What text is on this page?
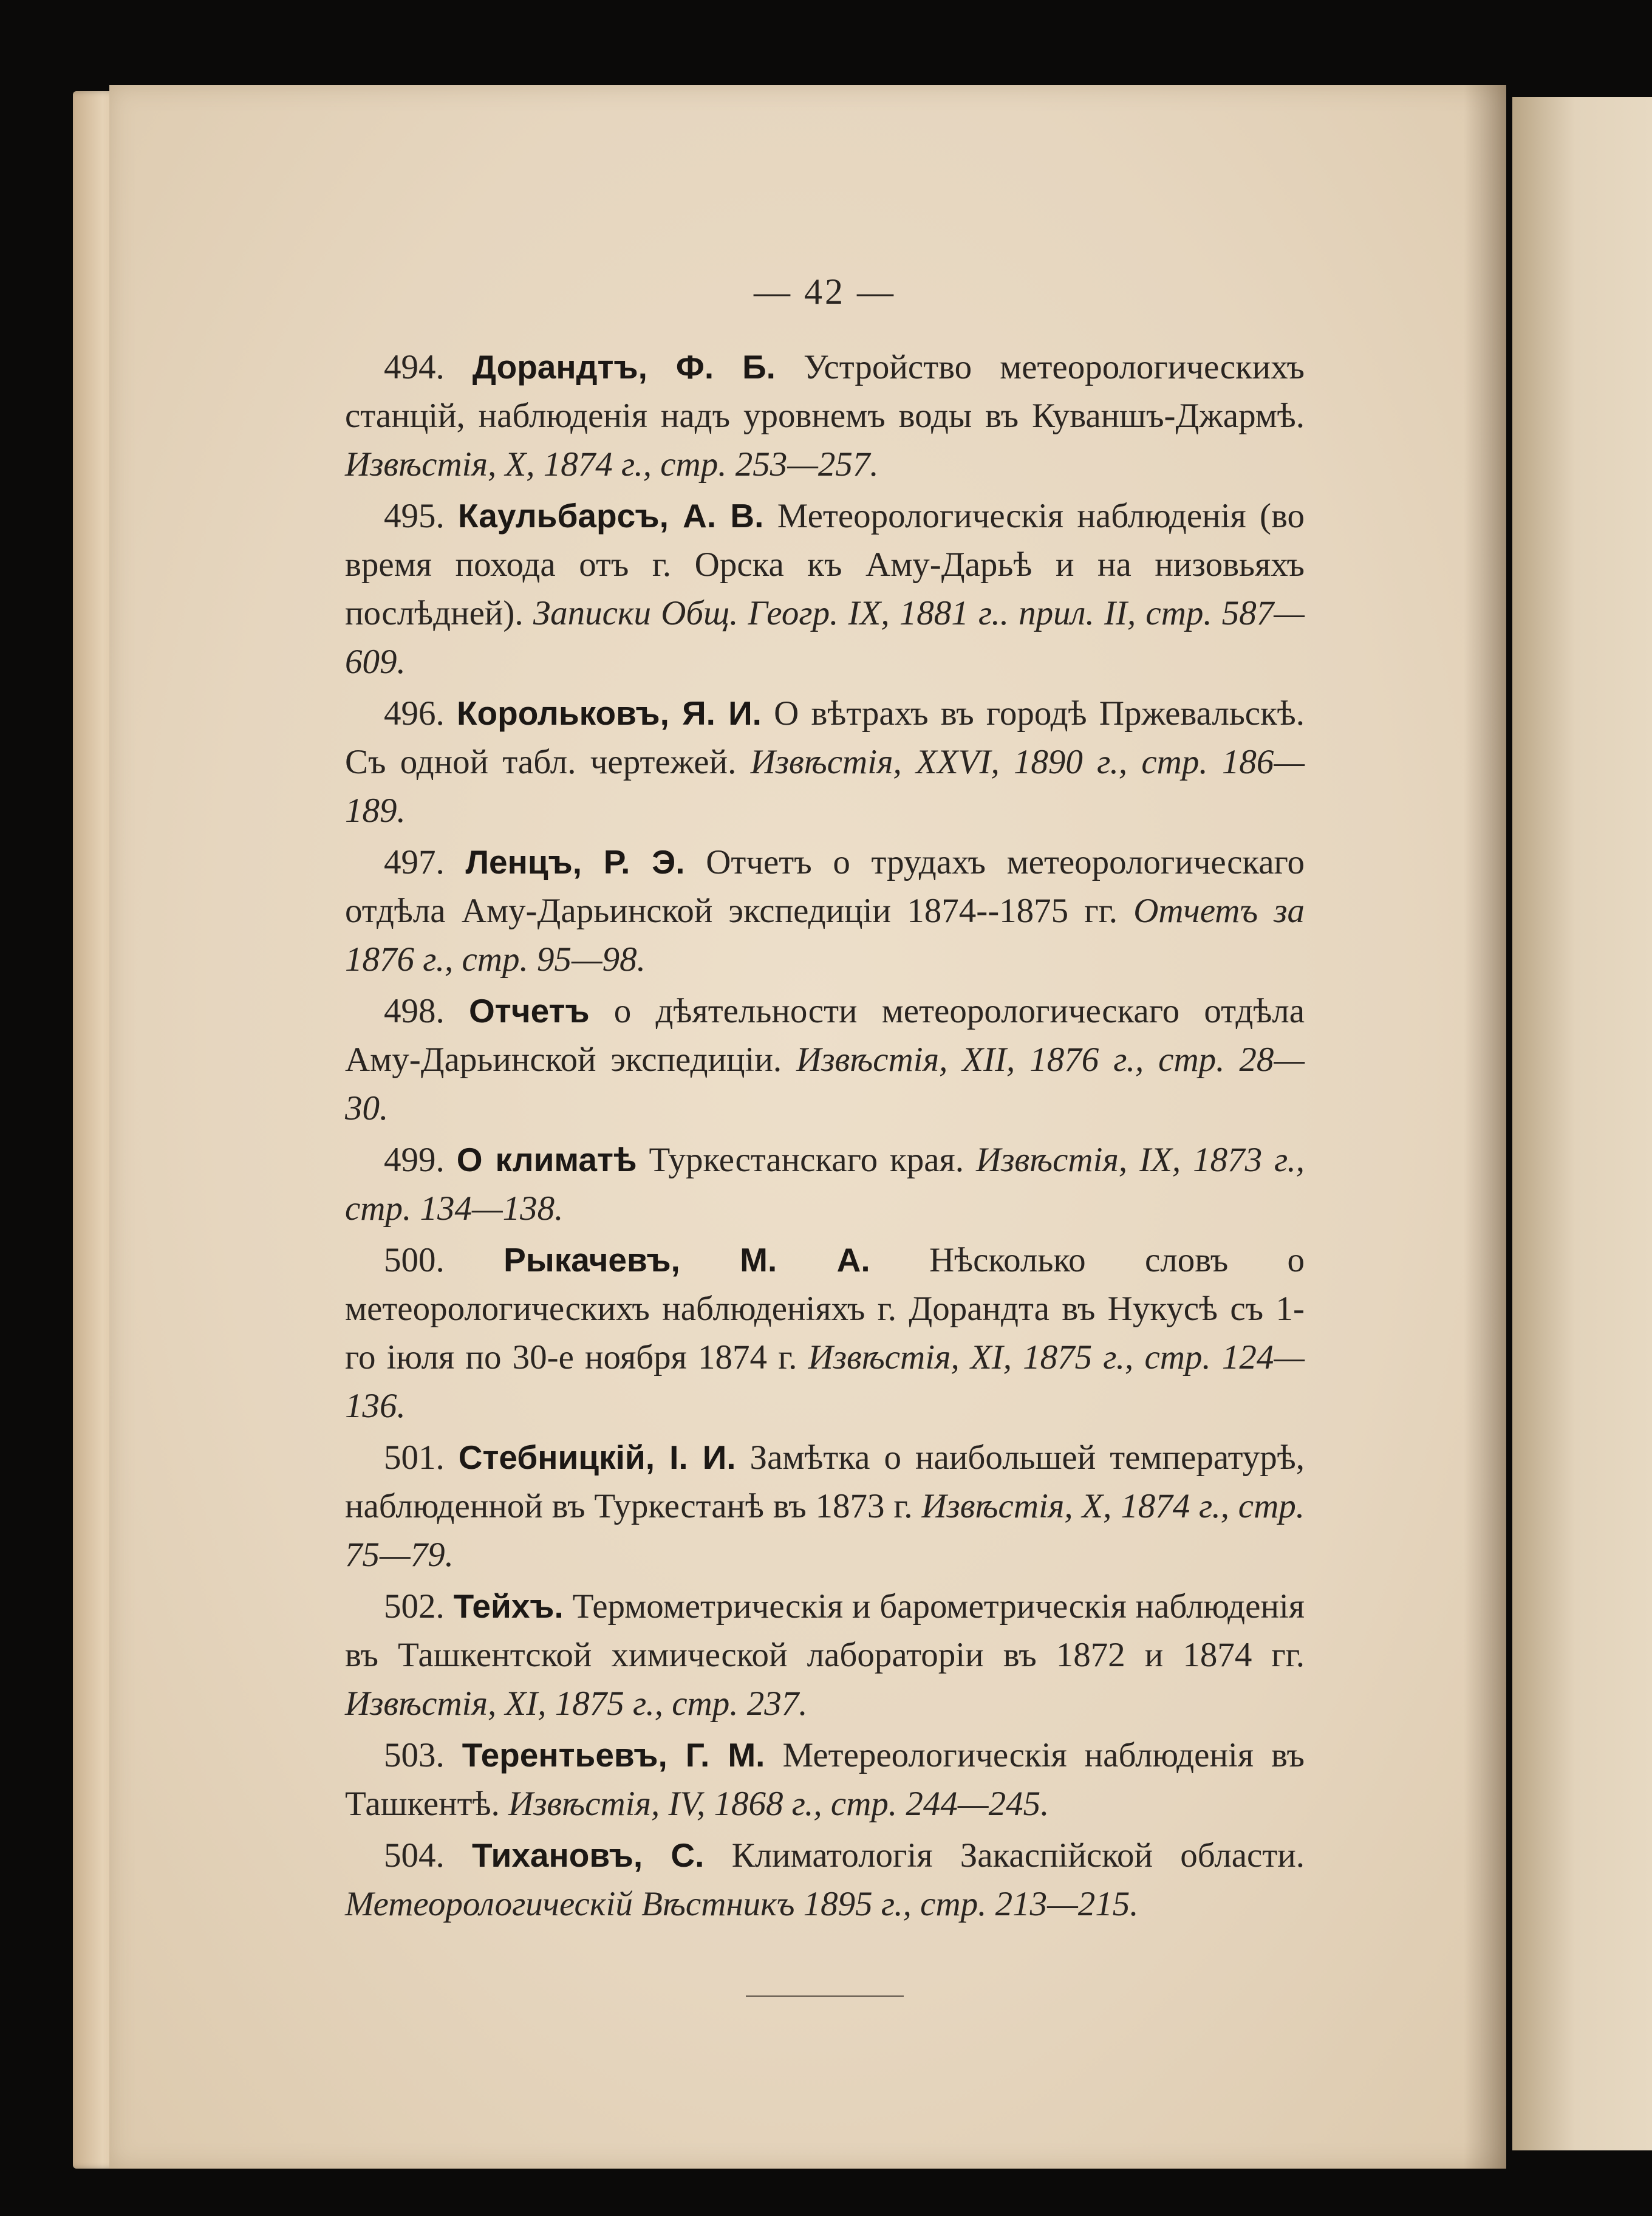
— 42 —

494. Дорандтъ, Ф. Б. Устройство метеорологическихъ станцій, наблюденія надъ уровнемъ воды въ Куваншъ-Джармѣ. Извѣстія, X, 1874 г., стр. 253—257.

495. Каульбарсъ, А. В. Метеорологическія наблюденія (во время похода отъ г. Орска къ Аму-Дарьѣ и на низовьяхъ послѣдней). Записки Общ. Геогр. IX, 1881 г.. прил. II, стр. 587—609.

496. Корольковъ, Я. И. О вѣтрахъ въ городѣ Пржевальскѣ. Съ одной табл. чертежей. Извѣстія, XXVI, 1890 г., стр. 186—189.

497. Ленцъ, Р. Э. Отчетъ о трудахъ метеорологическаго отдѣла Аму-Дарьинской экспедиціи 1874--1875 гг. Отчетъ за 1876 г., стр. 95—98.

498. Отчетъ о дѣятельности метеорологическаго отдѣла Аму-Дарьинской экспедиціи. Извѣстія, XII, 1876 г., стр. 28—30.

499. О климатѣ Туркестанскаго края. Извѣстія, IX, 1873 г., стр. 134—138.

500. Рыкачевъ, М. А. Нѣсколько словъ о метеорологическихъ наблюденіяхъ г. Дорандта въ Нукусѣ съ 1-го іюля по 30-е ноября 1874 г. Извѣстія, XI, 1875 г., стр. 124—136.

501. Стебницкій, І. И. Замѣтка о наибольшей температурѣ, наблюденной въ Туркестанѣ въ 1873 г. Извѣстія, X, 1874 г., стр. 75—79.

502. Тейхъ. Термометрическія и барометрическія наблюденія въ Ташкентской химической лабораторіи въ 1872 и 1874 гг. Извѣстія, XI, 1875 г., стр. 237.

503. Терентьевъ, Г. М. Метереологическія наблюденія въ Ташкентѣ. Извѣстія, IV, 1868 г., стр. 244—245.

504. Тихановъ, С. Климатологія Закаспійской области. Метеорологическій Вѣстникъ 1895 г., стр. 213—215.
